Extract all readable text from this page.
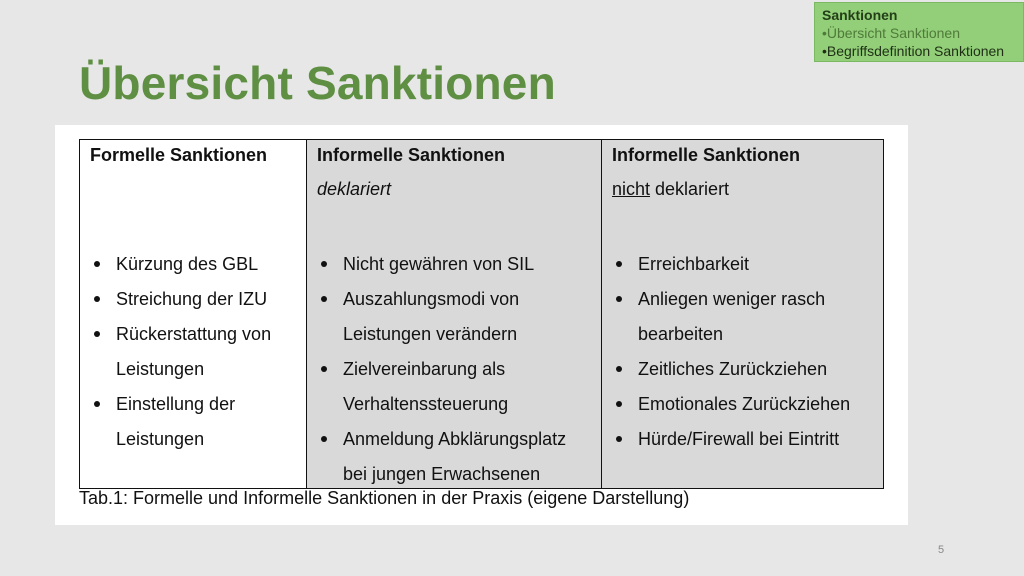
Sanktionen
•Übersicht Sanktionen
•Begriffsdefinition Sanktionen
Übersicht Sanktionen
Formelle Sanktionen
Kürzung des GBL
Streichung der IZU
Rückerstattung von
Leistungen
Einstellung der
Leistungen
Informelle Sanktionen
deklariert
Nicht gewähren von SIL
Auszahlungsmodi von
Leistungen verändern
Zielvereinbarung als
Verhaltenssteuerung
Anmeldung Abklärungsplatz
bei jungen Erwachsenen
Informelle Sanktionen
nicht deklariert
Erreichbarkeit
Anliegen weniger rasch
bearbeiten
Zeitliches Zurückziehen
Emotionales Zurückziehen
Hürde/Firewall bei Eintritt
Tab.1: Formelle und Informelle Sanktionen in der Praxis (eigene Darstellung)
5
